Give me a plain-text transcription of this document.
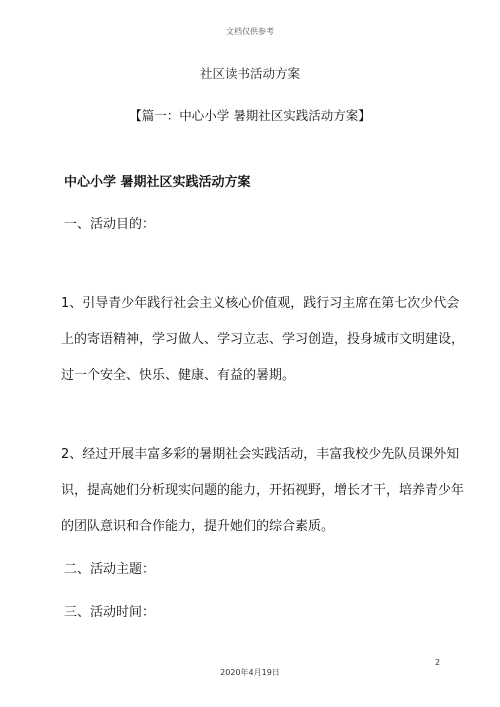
文档仅供参考
社区读书活动方案
【篇一：中心小学 暑期社区实践活动方案】
中心小学 暑期社区实践活动方案
一、活动目的：
1、引导青少年践行社会主义核心价值观，践行习主席在第七次少代会
上的寄语精神，学习做人、学习立志、学习创造，投身城市文明建设，
过一个安全、快乐、健康、有益的暑期。
2、经过开展丰富多彩的暑期社会实践活动，丰富我校少先队员课外知
识，提高她们分析现实问题的能力，开拓视野，增长才干，培养青少年
的团队意识和合作能力，提升她们的综合素质。
二、活动主题：
三、活动时间：
2
2020年4月19日
